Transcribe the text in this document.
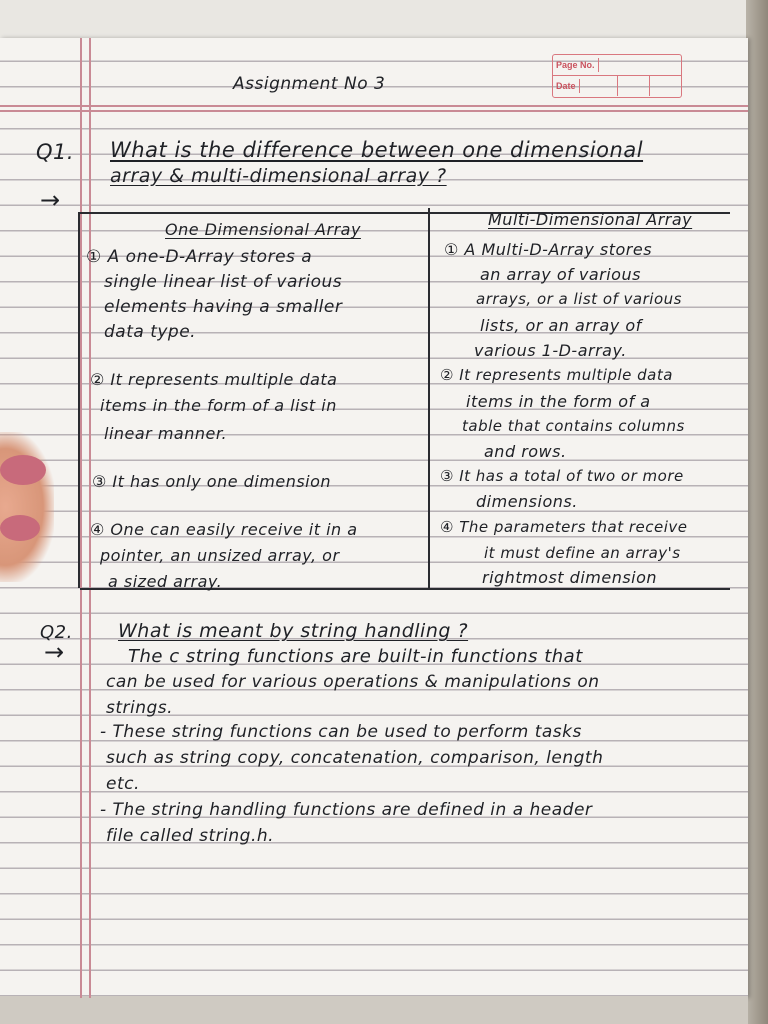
Page No.
Date
Assignment No 3
Q1. What is the difference between one dimensional
array & multi-dimensional array ?
→
One Dimensional Array
Multi-Dimensional Array
① A one-D-Array stores a
single linear list of various
elements having a smaller
data type.
① A Multi-D-Array stores
an array of various
arrays, or a list of various
lists, or an array of
various 1-D-array.
② It represents multiple data
items in the form of a list in
linear manner.
② It represents multiple data
items in the form of a
table that contains columns
and rows.
③ It has only one dimension	③ It has a total of two or more
dimensions.
④ One can easily receive it in a
pointer, an unsized array, or
a sized array.
④ The parameters that receive
it must define an array's
rightmost dimension
Q2. What is meant by string handling ?
→	The c string functions are built-in functions that
can be used for various operations & manipulations on
strings.
- These string functions can be used to perform tasks
such as string copy, concatenation, comparison, length
etc.
- The string handling functions are defined in a header
file called string.h.
